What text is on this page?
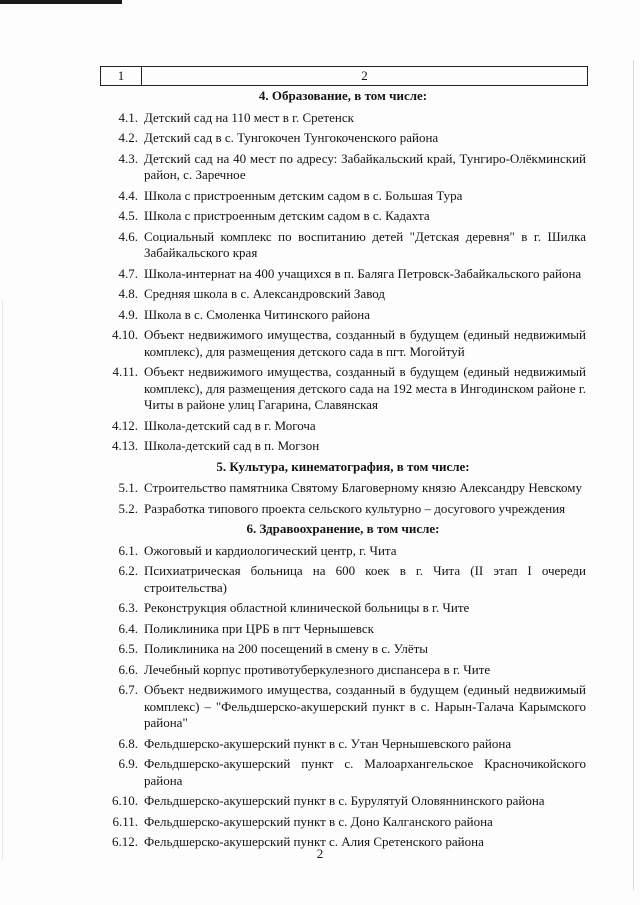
1	2
4. Образование, в том числе:
4.1. Детский сад на 110 мест в г. Сретенск
4.2. Детский сад в с. Тунгокочен Тунгокоченского района
4.3. Детский сад на 40 мест по адресу: Забайкальский край, Тунгиро-Олёкминский район, с. Заречное
4.4. Школа с пристроенным детским садом в с. Большая Тура
4.5. Школа с пристроенным детским садом в с. Кадахта
4.6. Социальный комплекс по воспитанию детей "Детская деревня" в г. Шилка Забайкальского края
4.7. Школа-интернат на 400 учащихся в п. Балягa Петровск-Забайкальского района
4.8. Средняя школа в с. Александровский Завод
4.9. Школа в с. Смоленка Читинского района
4.10. Объект недвижимого имущества, созданный в будущем (единый недвижимый комплекс), для размещения детского сада в пгт. Могойтуй
4.11. Объект недвижимого имущества, созданный в будущем (единый недвижимый комплекс), для размещения детского сада на 192 места в Ингодинском районе г. Читы в районе улиц Гагарина, Славянская
4.12. Школа-детский сад в г. Могоча
4.13. Школа-детский сад в п. Могзон
5. Культура, кинематография, в том числе:
5.1. Строительство памятника Святому Благоверному князю Александру Невскому
5.2. Разработка типового проекта сельского культурно – досугового учреждения
6. Здравоохранение, в том числе:
6.1. Ожоговый и кардиологический центр, г. Чита
6.2. Психиатрическая больница на 600 коек в г. Чита (II этап I очереди строительства)
6.3. Реконструкция областной клинической больницы в г. Чите
6.4. Поликлиника при ЦРБ в пгт Чернышевск
6.5. Поликлиника на 200 посещений в смену в с. Улёты
6.6. Лечебный корпус противотуберкулезного диспансера в г. Чите
6.7. Объект недвижимого имущества, созданный в будущем (единый недвижимый комплекс) – "Фельдшерско-акушерский пункт в с. Нарын-Талача Карымского района"
6.8. Фельдшерско-акушерский пункт в с. Утан Чернышевского района
6.9. Фельдшерско-акушерский пункт с. Малоархангельское Красночикойского района
6.10. Фельдшерско-акушерский пункт в с. Бурулятуй Оловяннинского района
6.11. Фельдшерско-акушерский пункт в с. Доно Калганского района
6.12. Фельдшерско-акушерский пункт с. Алия Сретенского района
2
